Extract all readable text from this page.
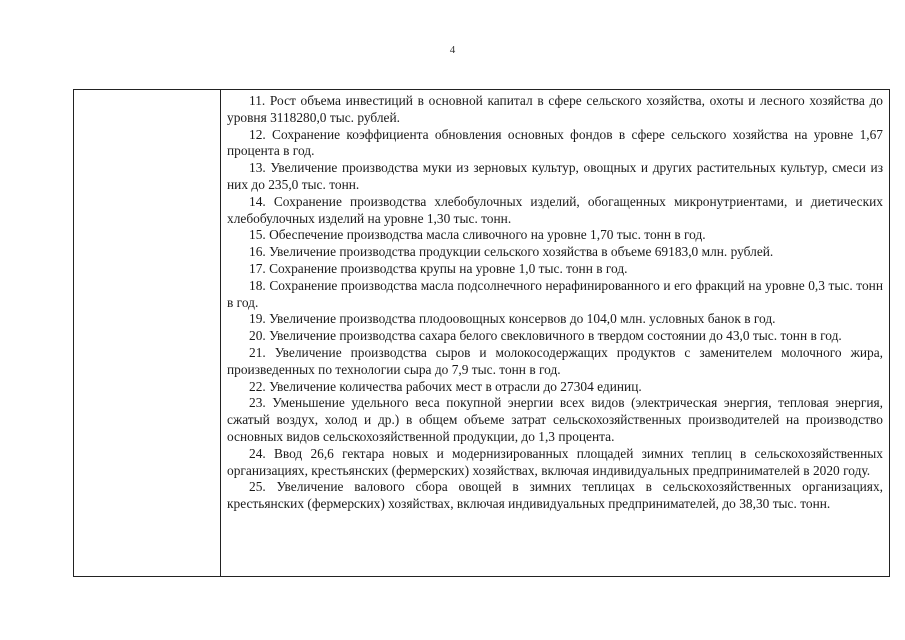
4

11. Рост объема инвестиций в основной капитал в сфере сельского хозяйства, охоты и лесного хозяйства до уровня 3118280,0 тыс. рублей.

12. Сохранение коэффициента обновления основных фондов в сфере сельского хозяйства на уровне 1,67 процента в год.

13. Увеличение производства муки из зерновых культур, овощных и других растительных культур, смеси из них до 235,0 тыс. тонн.

14. Сохранение производства хлебобулочных изделий, обогащенных микронутриентами, и диетических хлебобулочных изделий на уровне 1,30 тыс. тонн.

15. Обеспечение производства масла сливочного на уровне 1,70 тыс. тонн в год.

16. Увеличение производства продукции сельского хозяйства в объеме 69183,0 млн. рублей.

17. Сохранение производства крупы на уровне 1,0 тыс. тонн в год.

18. Сохранение производства масла подсолнечного нерафинированного и его фракций на уровне 0,3 тыс. тонн в год.

19. Увеличение производства плодоовощных консервов до 104,0 млн. условных банок в год.

20. Увеличение производства сахара белого свекловичного в твердом состоянии до 43,0 тыс. тонн в год.

21. Увеличение производства сыров и молокосодержащих продуктов с заменителем молочного жира, произведенных по технологии сыра до 7,9 тыс. тонн в год.

22. Увеличение количества рабочих мест в отрасли до 27304 единиц.

23. Уменьшение удельного веса покупной энергии всех видов (электрическая энергия, тепловая энергия, сжатый воздух, холод и др.) в общем объеме затрат сельскохозяйственных производителей на производство основных видов сельскохозяйственной продукции, до 1,3 процента.

24. Ввод 26,6 гектара новых и модернизированных площадей зимних теплиц в сельскохозяйственных организациях, крестьянских (фермерских) хозяйствах, включая индивидуальных предпринимателей в 2020 году.

25. Увеличение валового сбора овощей в зимних теплицах в сельскохозяйственных организациях, крестьянских (фермерских) хозяйствах, включая индивидуальных предпринимателей, до 38,30 тыс. тонн.
